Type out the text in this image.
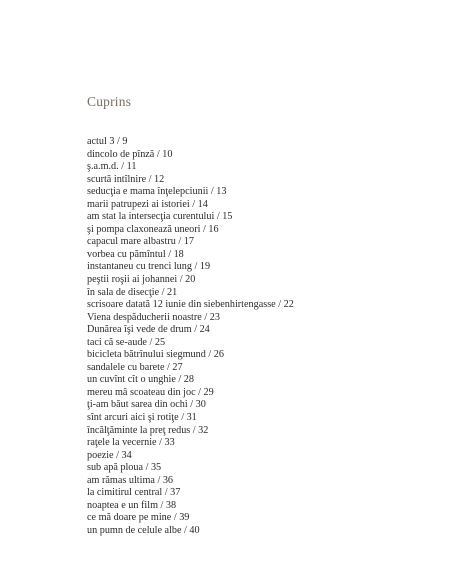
Cuprins
actul 3 / 9
dincolo de pînză / 10
ş.a.m.d. / 11
scurtă intîlnire / 12
seducţia e mama înţelepciunii / 13
marii patrupezi ai istoriei / 14
am stat la intersecţia curentului / 15
şi pompa claxonează uneori / 16
capacul mare albastru / 17
vorbea cu pămîntul / 18
instantaneu cu trenci lung / 19
peştii roşii ai johannei / 20
în sala de disecţie / 21
scrisoare datată 12 iunie din siebenhirtengasse / 22
Viena despăducherii noastre / 23
Dunărea îşi vede de drum / 24
taci că se-aude / 25
bicicleta bătrînului siegmund / 26
sandalele cu barete / 27
un cuvînt cît o unghie / 28
mereu mă scoateau din joc / 29
ţi-am băut sarea din ochi / 30
sînt arcuri aici şi rotiţe / 31
încălţăminte la preţ redus / 32
raţele la vecernie / 33
poezie / 34
sub apă ploua / 35
am rămas ultima / 36
la cimitirul central / 37
noaptea e un film / 38
ce mă doare pe mine / 39
un pumn de celule albe / 40
